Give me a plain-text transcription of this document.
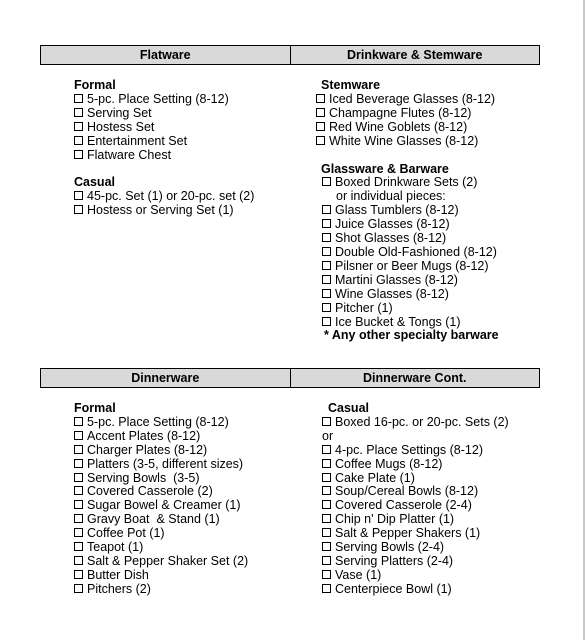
Flatware	Drinkware & Stemware
Formal
5-pc. Place Setting (8-12)
Serving Set
Hostess Set
Entertainment Set
Flatware Chest
Casual
45-pc. Set (1) or 20-pc. set (2)
Hostess or Serving Set (1)
Stemware
Iced Beverage Glasses (8-12)
Champagne Flutes (8-12)
Red Wine Goblets (8-12)
White Wine Glasses (8-12)
Glassware & Barware
Boxed Drinkware Sets (2)
or individual pieces:
Glass Tumblers (8-12)
Juice Glasses (8-12)
Shot Glasses (8-12)
Double Old-Fashioned (8-12)
Pilsner or Beer Mugs (8-12)
Martini Glasses (8-12)
Wine Glasses (8-12)
Pitcher (1)
Ice Bucket & Tongs (1)
* Any other specialty barware
Dinnerware	Dinnerware Cont.
Formal
5-pc. Place Setting (8-12)
Accent Plates (8-12)
Charger Plates (8-12)
Platters (3-5, different sizes)
Serving Bowls  (3-5)
Covered Casserole (2)
Sugar Bowel & Creamer (1)
Gravy Boat  & Stand (1)
Coffee Pot (1)
Teapot (1)
Salt & Pepper Shaker Set (2)
Butter Dish
Pitchers (2)
Casual
Boxed 16-pc. or 20-pc. Sets (2)
or
4-pc. Place Settings (8-12)
Coffee Mugs (8-12)
Cake Plate (1)
Soup/Cereal Bowls (8-12)
Covered Casserole (2-4)
Chip n' Dip Platter (1)
Salt & Pepper Shakers (1)
Serving Bowls (2-4)
Serving Platters (2-4)
Vase (1)
Centerpiece Bowl (1)
